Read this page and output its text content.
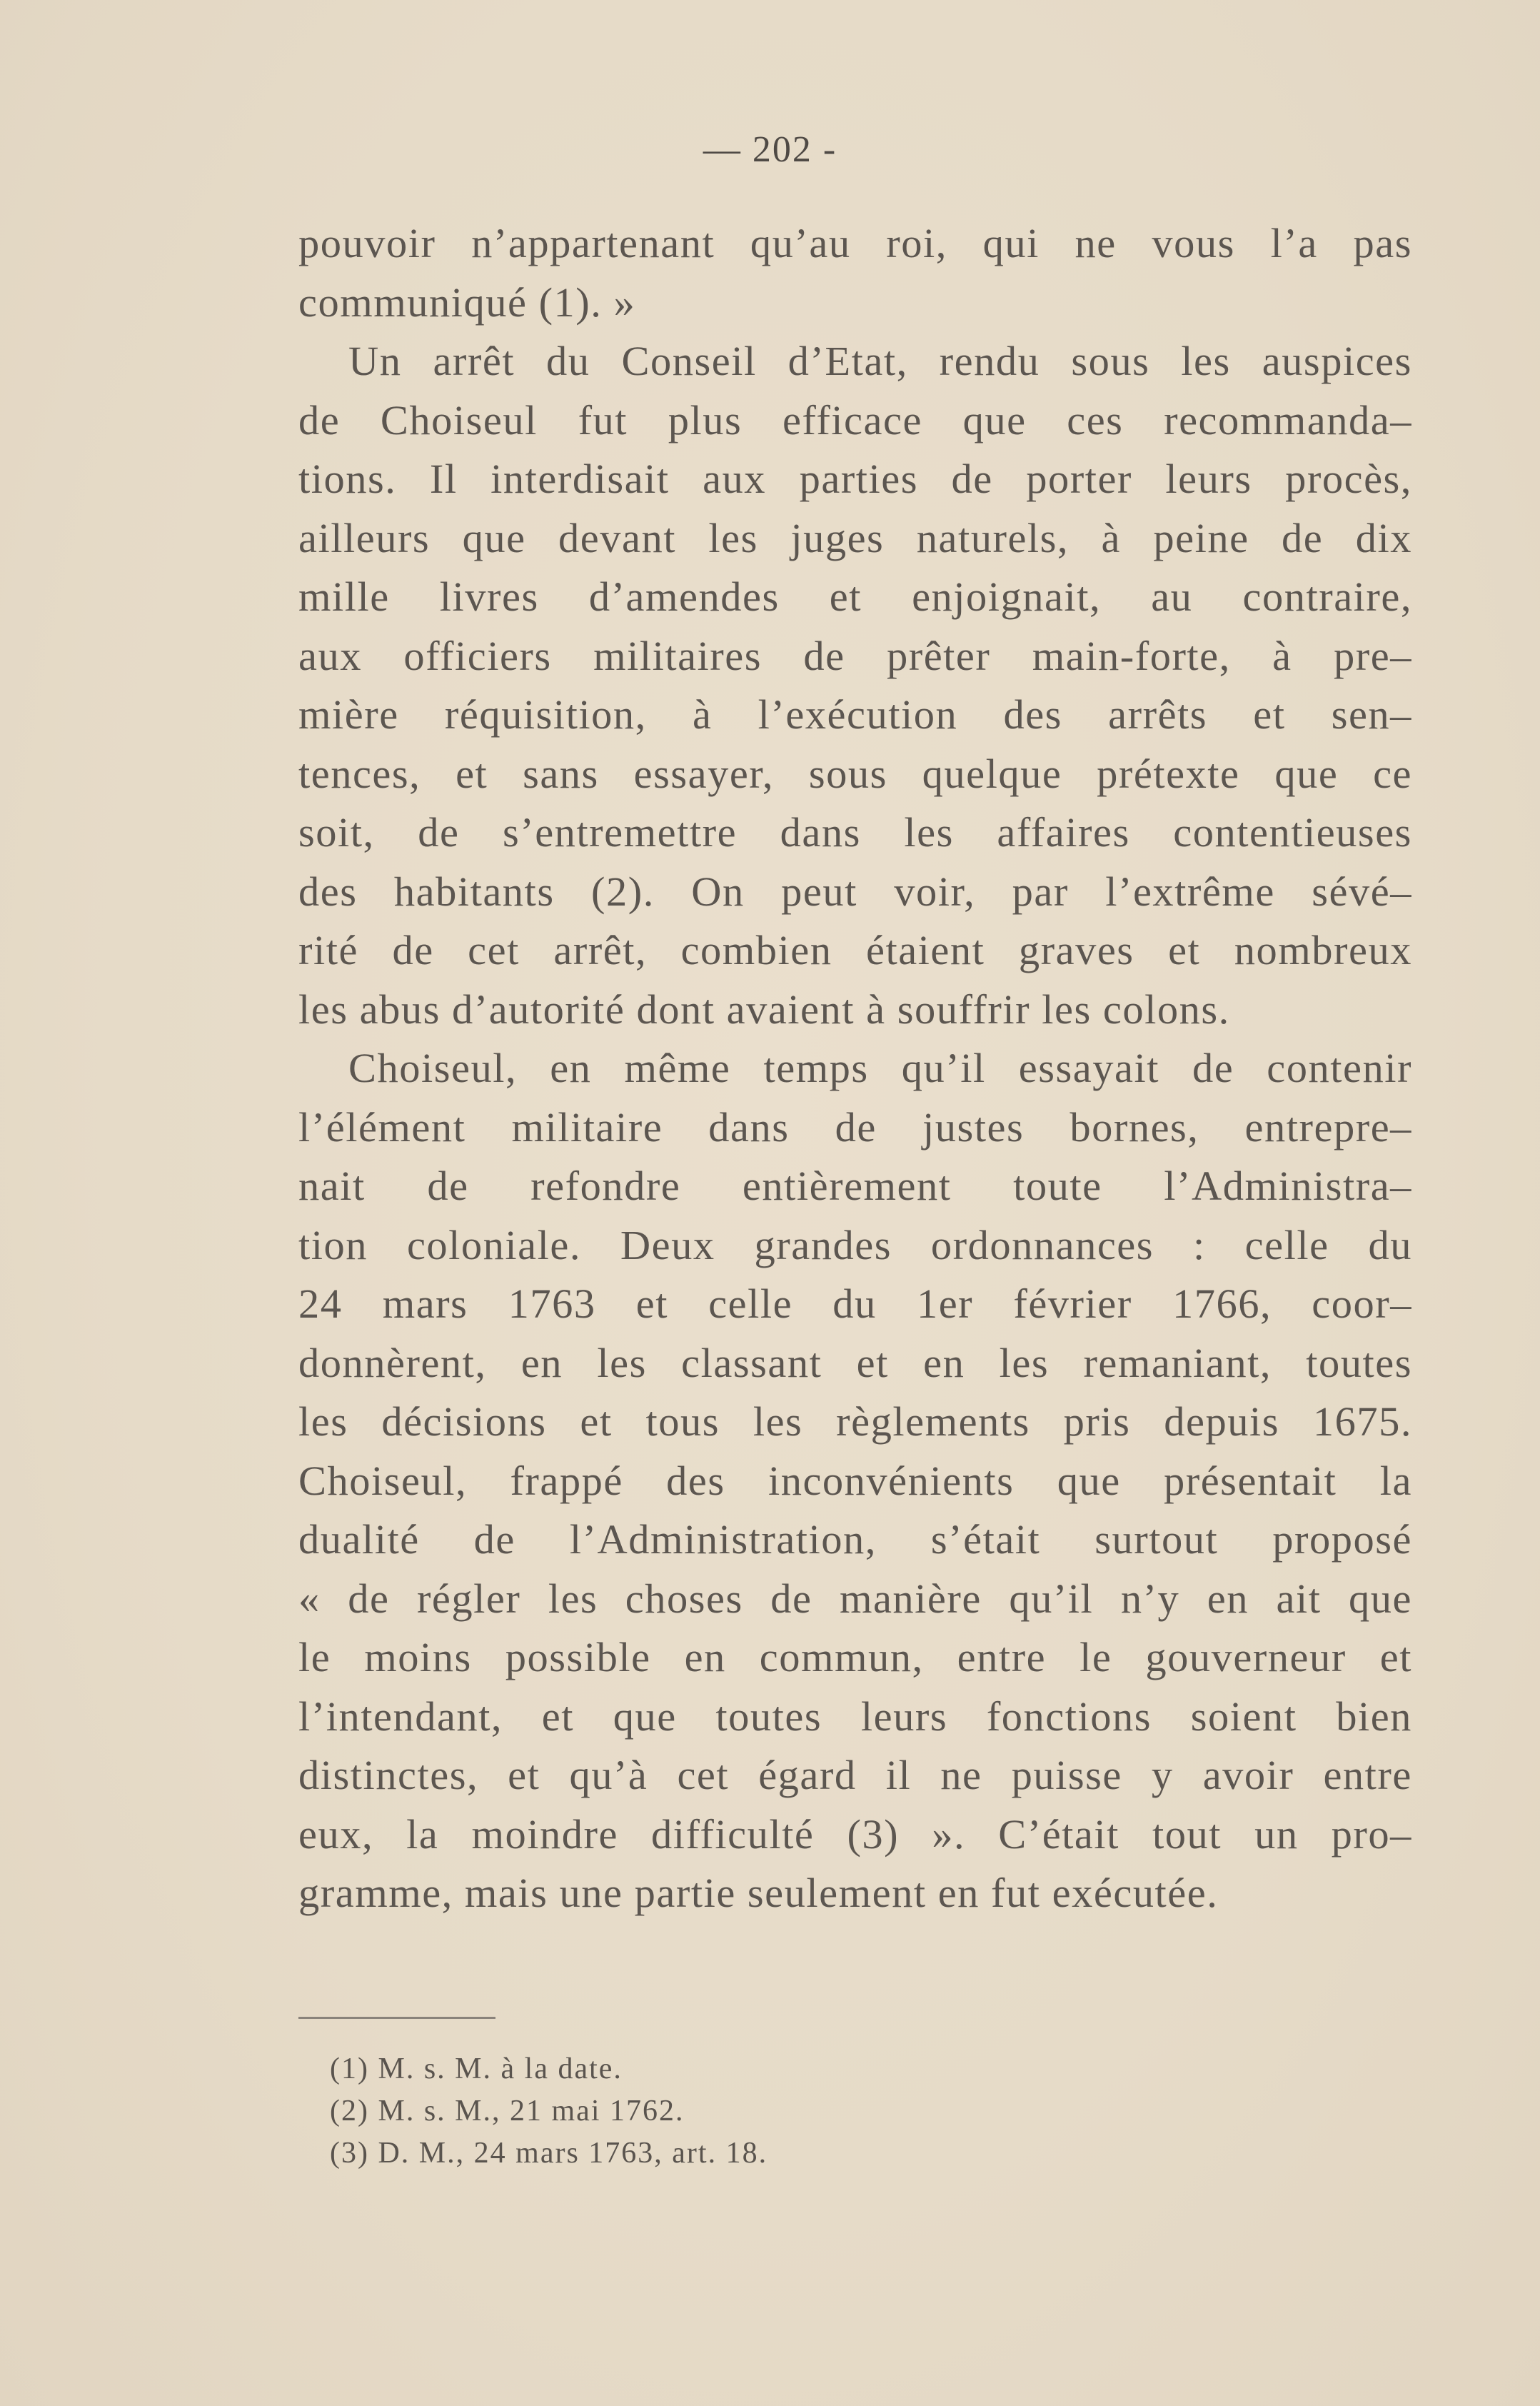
— 202 -
pouvoir n’appartenant qu’au roi, qui ne vous l’a pas
communiqué (1). »
Un arrêt du Conseil d’Etat, rendu sous les auspices
de Choiseul fut plus efficace que ces recommanda–
tions. Il interdisait aux parties de porter leurs procès,
ailleurs que devant les juges naturels, à peine de dix
mille livres d’amendes et enjoignait, au contraire,
aux officiers militaires de prêter main-forte, à pre–
mière réquisition, à l’exécution des arrêts et sen–
tences, et sans essayer, sous quelque prétexte que ce
soit, de s’entremettre dans les affaires contentieuses
des habitants (2). On peut voir, par l’extrême sévé–
rité de cet arrêt, combien étaient graves et nombreux
les abus d’autorité dont avaient à souffrir les colons.
Choiseul, en même temps qu’il essayait de contenir
l’élément militaire dans de justes bornes, entrepre–
nait de refondre entièrement toute l’Administra–
tion coloniale. Deux grandes ordonnances : celle du
24 mars 1763 et celle du 1er février 1766, coor–
donnèrent, en les classant et en les remaniant, toutes
les décisions et tous les règlements pris depuis 1675.
Choiseul, frappé des inconvénients que présentait la
dualité de l’Administration, s’était surtout proposé
« de régler les choses de manière qu’il n’y en ait que
le moins possible en commun, entre le gouverneur et
l’intendant, et que toutes leurs fonctions soient bien
distinctes, et qu’à cet égard il ne puisse y avoir entre
eux, la moindre difficulté (3) ». C’était tout un pro–
gramme, mais une partie seulement en fut exécutée.
(1) M. s. M. à la date.
(2) M. s. M., 21 mai 1762.
(3) D. M., 24 mars 1763, art. 18.
